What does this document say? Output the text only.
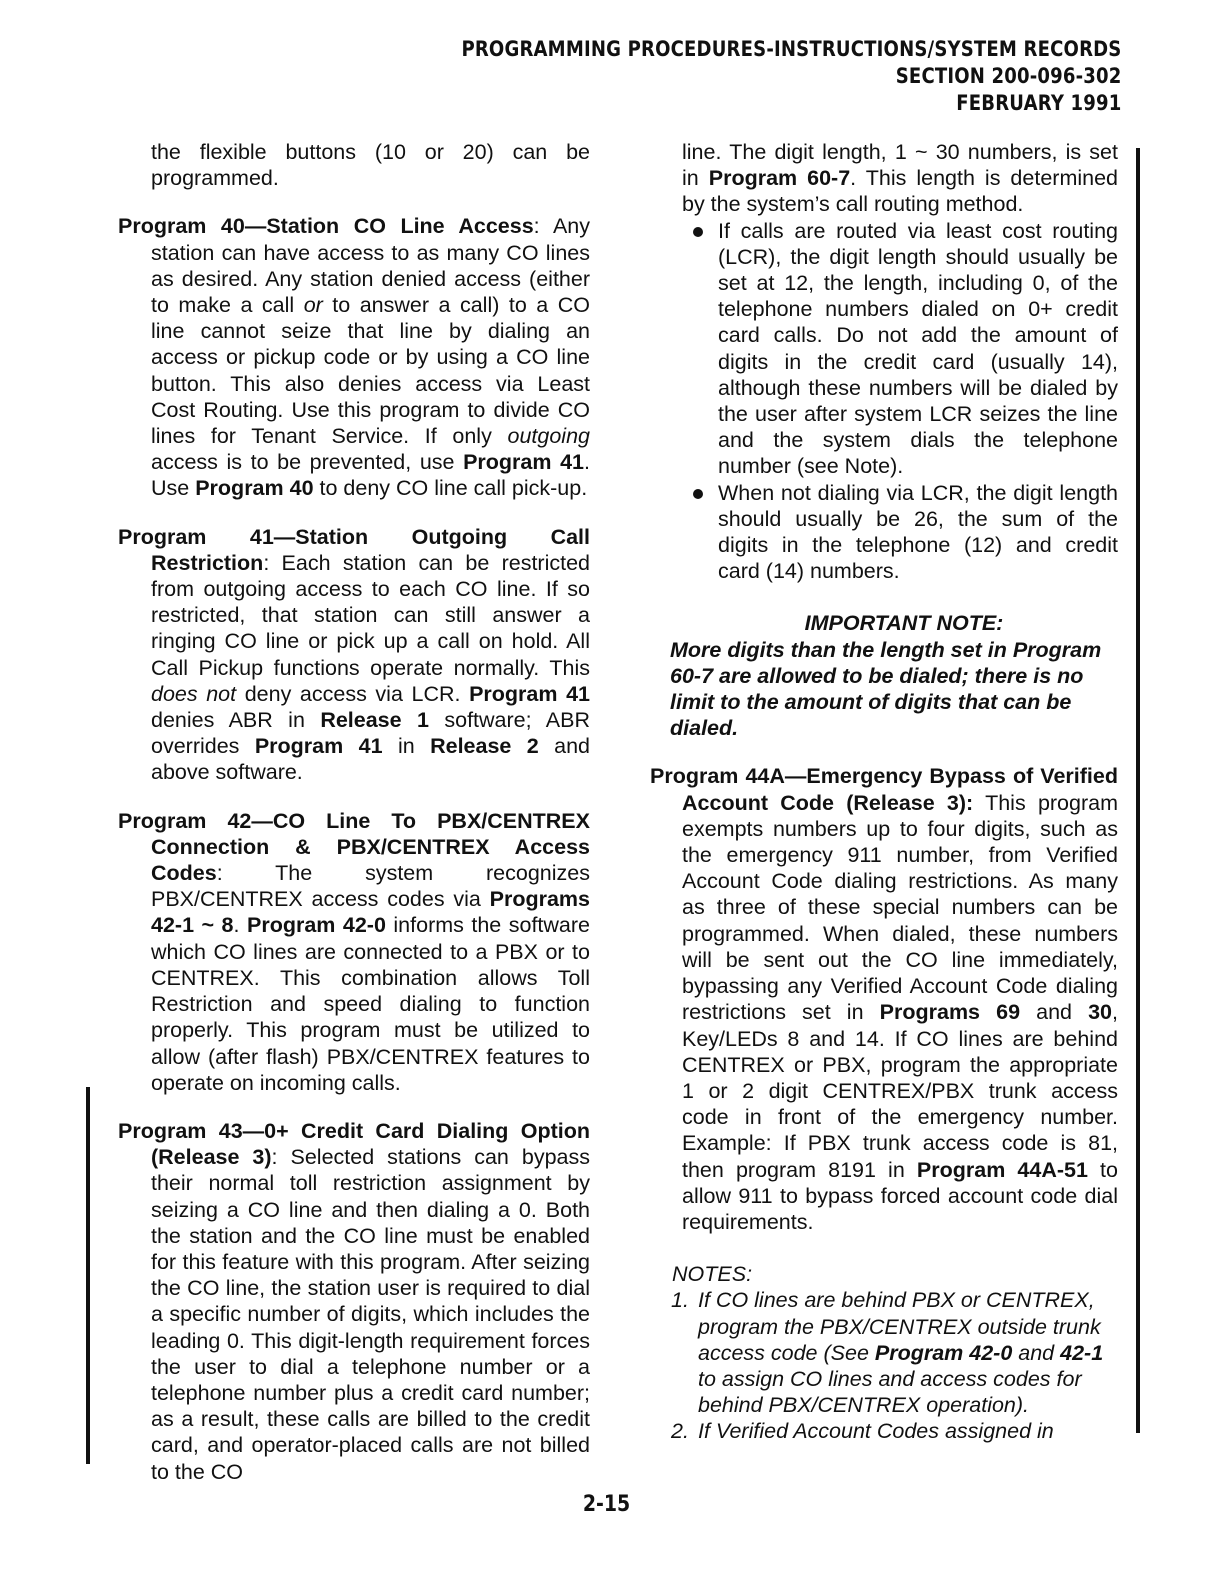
PROGRAMMING PROCEDURES-INSTRUCTIONS/SYSTEM RECORDS
SECTION 200-096-302
FEBRUARY 1991

the flexible buttons (10 or 20) can be programmed.

Program 40—Station CO Line Access: Any station can have access to as many CO lines as desired. Any station denied access (either to make a call or to answer a call) to a CO line cannot seize that line by dialing an access or pickup code or by using a CO line button. This also denies access via Least Cost Routing. Use this program to divide CO lines for Tenant Service. If only outgoing access is to be prevented, use Program 41. Use Program 40 to deny CO line call pick-up.

Program 41—Station Outgoing Call Restriction: Each station can be restricted from outgoing access to each CO line. If so restricted, that station can still answer a ringing CO line or pick up a call on hold. All Call Pickup functions operate normally. This does not deny access via LCR. Program 41 denies ABR in Release 1 software; ABR overrides Program 41 in Release 2 and above software.

Program 42—CO Line To PBX/CENTREX Connection & PBX/CENTREX Access Codes: The system recognizes PBX/CENTREX access codes via Programs 42-1 ~ 8. Program 42-0 informs the software which CO lines are connected to a PBX or to CENTREX. This combination allows Toll Restriction and speed dialing to function properly. This program must be utilized to allow (after flash) PBX/CENTREX features to operate on incoming calls.

Program 43—0+ Credit Card Dialing Option (Release 3): Selected stations can bypass their normal toll restriction assignment by seizing a CO line and then dialing a 0. Both the station and the CO line must be enabled for this feature with this program. After seizing the CO line, the station user is required to dial a specific number of digits, which includes the leading 0. This digit-length requirement forces the user to dial a telephone number or a telephone number plus a credit card number; as a result, these calls are billed to the credit card, and operator-placed calls are not billed to the CO

line. The digit length, 1 ~ 30 numbers, is set in Program 60-7. This length is determined by the system’s call routing method.

If calls are routed via least cost routing (LCR), the digit length should usually be set at 12, the length, including 0, of the telephone numbers dialed on 0+ credit card calls. Do not add the amount of digits in the credit card (usually 14), although these numbers will be dialed by the user after system LCR seizes the line and the system dials the telephone number (see Note).
When not dialing via LCR, the digit length should usually be 26, the sum of the digits in the telephone (12) and credit card (14) numbers.

IMPORTANT NOTE:

More digits than the length set in Program 60-7 are allowed to be dialed; there is no limit to the amount of digits that can be dialed.

Program 44A—Emergency Bypass of Verified Account Code (Release 3): This program exempts numbers up to four digits, such as the emergency 911 number, from Verified Account Code dialing restrictions. As many as three of these special numbers can be programmed. When dialed, these numbers will be sent out the CO line immediately, bypassing any Verified Account Code dialing restrictions set in Programs 69 and 30, Key/LEDs 8 and 14. If CO lines are behind CENTREX or PBX, program the appropriate 1 or 2 digit CENTREX/PBX trunk access code in front of the emergency number. Example: If PBX trunk access code is 81, then program 8191 in Program 44A-51 to allow 911 to bypass forced account code dial requirements.

NOTES:

1. If CO lines are behind PBX or CENTREX, program the PBX/CENTREX outside trunk access code (See Program 42-0 and 42-1 to assign CO lines and access codes for behind PBX/CENTREX operation).
2. If Verified Account Codes assigned in
2-15
